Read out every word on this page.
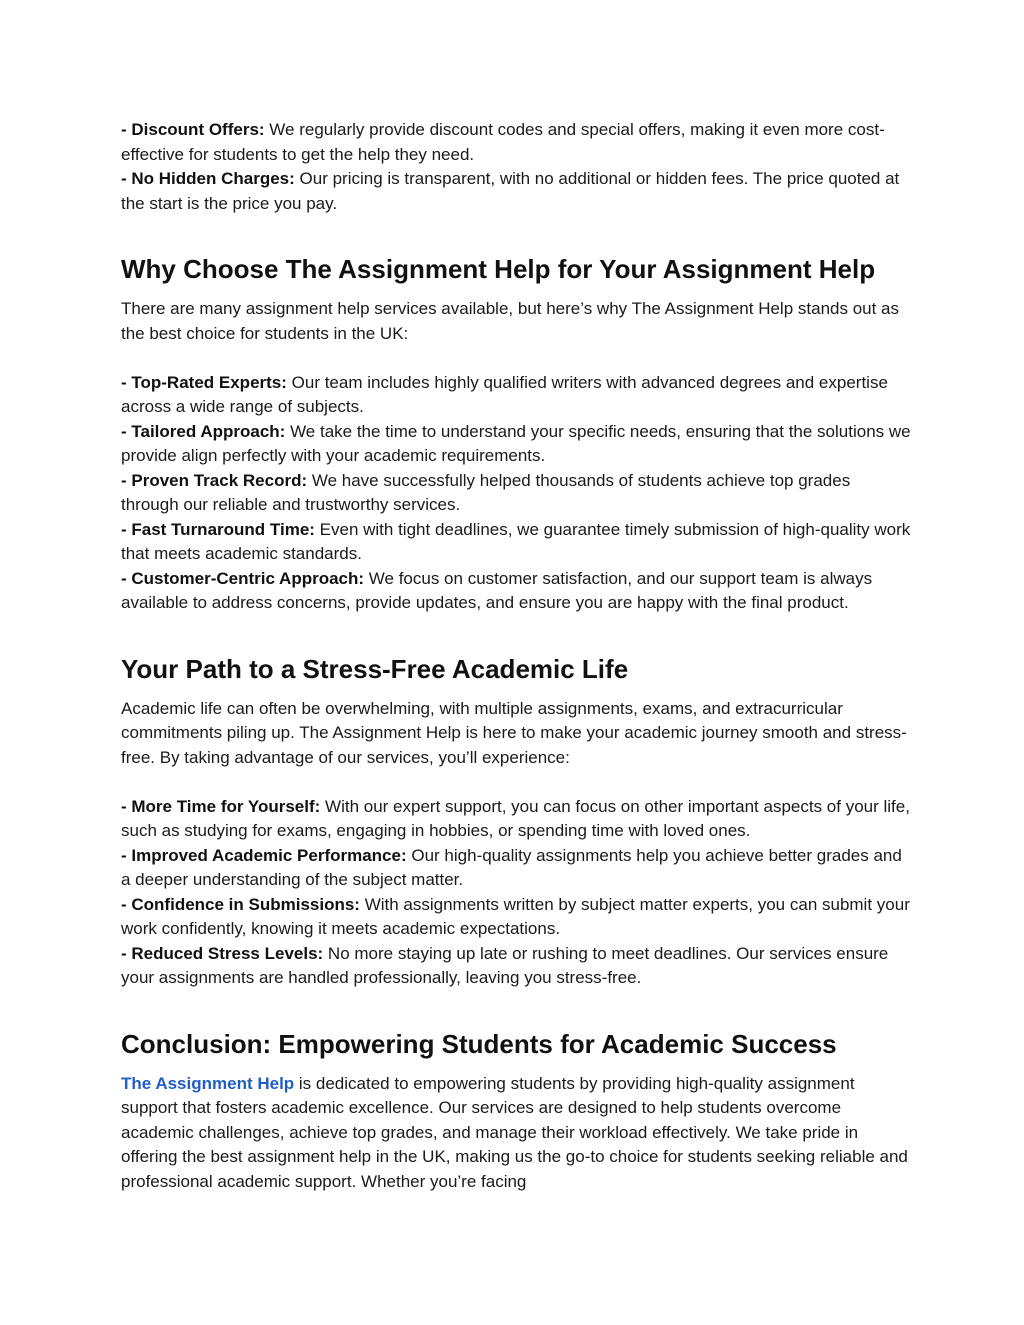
- Discount Offers: We regularly provide discount codes and special offers, making it even more cost-effective for students to get the help they need.

- No Hidden Charges: Our pricing is transparent, with no additional or hidden fees. The price quoted at the start is the price you pay.

Why Choose The Assignment Help for Your Assignment Help

There are many assignment help services available, but here’s why The Assignment Help stands out as the best choice for students in the UK:

- Top-Rated Experts: Our team includes highly qualified writers with advanced degrees and expertise across a wide range of subjects.

- Tailored Approach: We take the time to understand your specific needs, ensuring that the solutions we provide align perfectly with your academic requirements.

- Proven Track Record: We have successfully helped thousands of students achieve top grades through our reliable and trustworthy services.

- Fast Turnaround Time: Even with tight deadlines, we guarantee timely submission of high-quality work that meets academic standards.

- Customer-Centric Approach: We focus on customer satisfaction, and our support team is always available to address concerns, provide updates, and ensure you are happy with the final product.

Your Path to a Stress-Free Academic Life

Academic life can often be overwhelming, with multiple assignments, exams, and extracurricular commitments piling up. The Assignment Help is here to make your academic journey smooth and stress-free. By taking advantage of our services, you’ll experience:

- More Time for Yourself: With our expert support, you can focus on other important aspects of your life, such as studying for exams, engaging in hobbies, or spending time with loved ones.

- Improved Academic Performance: Our high-quality assignments help you achieve better grades and a deeper understanding of the subject matter.

- Confidence in Submissions: With assignments written by subject matter experts, you can submit your work confidently, knowing it meets academic expectations.

- Reduced Stress Levels: No more staying up late or rushing to meet deadlines. Our services ensure your assignments are handled professionally, leaving you stress-free.

Conclusion: Empowering Students for Academic Success

The Assignment Help is dedicated to empowering students by providing high-quality assignment support that fosters academic excellence. Our services are designed to help students overcome academic challenges, achieve top grades, and manage their workload effectively. We take pride in offering the best assignment help in the UK, making us the go-to choice for students seeking reliable and professional academic support. Whether you’re facing
